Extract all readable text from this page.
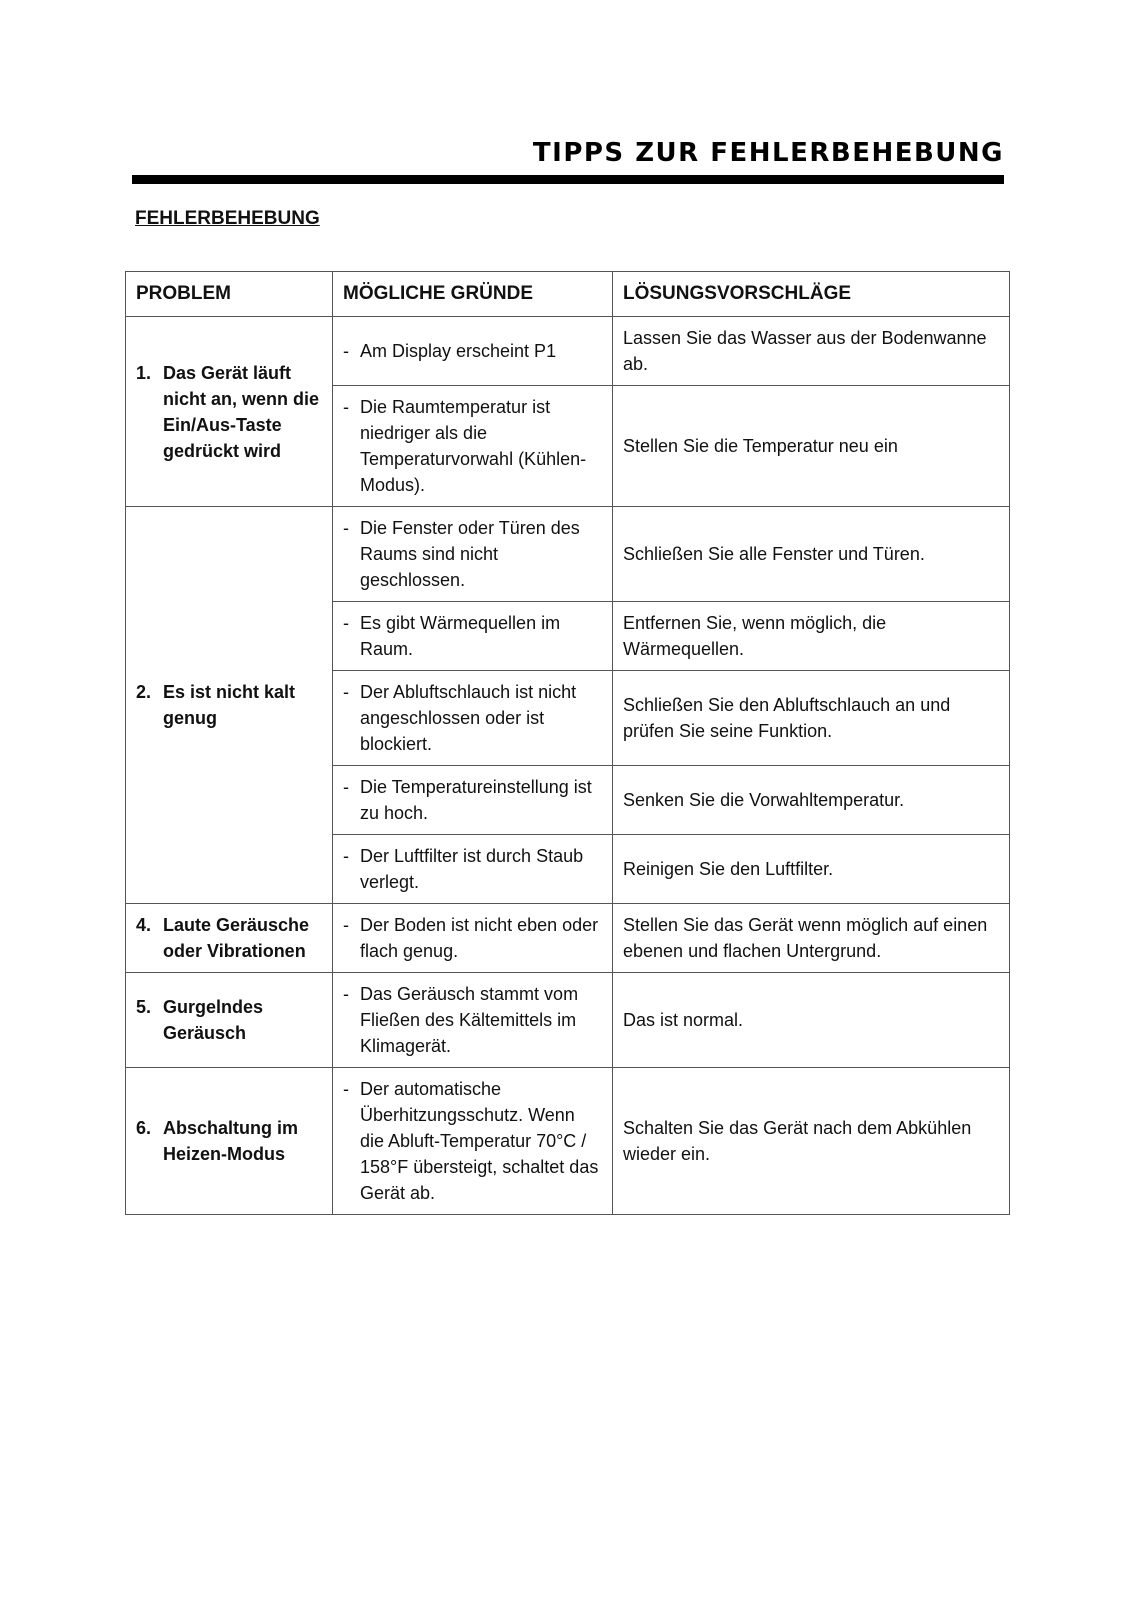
TIPPS ZUR FEHLERBEHEBUNG
FEHLERBEHEBUNG
PROBLEM	MÖGLICHE GRÜNDE	LÖSUNGSVORSCHLÄGE

1. Das Gerät läuft nicht an, wenn die Ein/Aus-Taste gedrückt wird	- Am Display erscheint P1	Lassen Sie das Wasser aus der Bodenwanne ab.

	- Die Raumtemperatur ist niedriger als die Temperaturvorwahl (Kühlen-Modus).	Stellen Sie die Temperatur neu ein

2. Es ist nicht kalt genug	- Die Fenster oder Türen des Raums sind nicht geschlossen.	Schließen Sie alle Fenster und Türen.

	- Es gibt Wärmequellen im Raum.	Entfernen Sie, wenn möglich, die Wärmequellen.

	- Der Abluftschlauch ist nicht angeschlossen oder ist blockiert.	Schließen Sie den Abluftschlauch an und prüfen Sie seine Funktion.

	- Die Temperatureinstellung ist zu hoch.	Senken Sie die Vorwahltemperatur.

	- Der Luftfilter ist durch Staub verlegt.	Reinigen Sie den Luftfilter.

4. Laute Geräusche oder Vibrationen	- Der Boden ist nicht eben oder flach genug.	Stellen Sie das Gerät wenn möglich auf einen ebenen und flachen Untergrund.

5. Gurgelndes Geräusch	- Das Geräusch stammt vom Fließen des Kältemittels im Klimagerät.	Das ist normal.

6. Abschaltung im Heizen-Modus	- Der automatische Überhitzungsschutz. Wenn die Abluft-Temperatur 70°C / 158°F übersteigt, schaltet das Gerät ab.	Schalten Sie das Gerät nach dem Abkühlen wieder ein.
